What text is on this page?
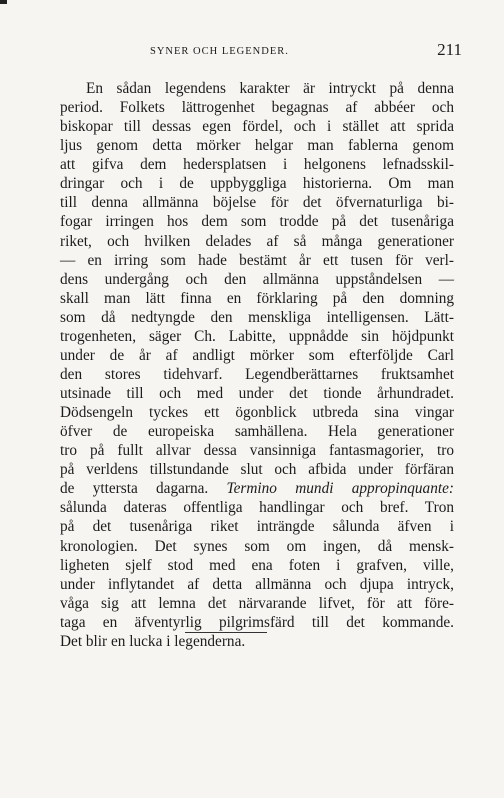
SYNER OCH LEGENDER.	211

En sådan legendens karakter är intryckt på denna
period. Folkets lättrogenhet begagnas af abbéer och
biskopar till dessas egen fördel, och i stället att sprida
ljus genom detta mörker helgar man fablerna genom
att gifva dem hedersplatsen i helgonens lefnadsskil-
dringar och i de uppbyggliga historierna. Om man
till denna allmänna böjelse för det öfvernaturliga bi-
fogar irringen hos dem som trodde på det tusenåriga
riket, och hvilken delades af så många generationer
— en irring som hade bestämt år ett tusen för verl-
dens undergång och den allmänna uppståndelsen —
skall man lätt finna en förklaring på den domning
som då nedtyngde den menskliga intelligensen. Lätt-
trogenheten, säger Ch. Labitte, uppnådde sin höjdpunkt
under de år af andligt mörker som efterföljde Carl
den stores tidehvarf. Legendberättarnes fruktsamhet
utsinade till och med under det tionde århundradet.
Dödsengeln tyckes ett ögonblick utbreda sina vingar
öfver de europeiska samhällena. Hela generationer
tro på fullt allvar dessa vansinniga fantasmagorier, tro
på verldens tillstundande slut och afbida under förfäran
de yttersta dagarna. Termino mundi appropinquante:
sålunda dateras offentliga handlingar och bref. Tron
på det tusenåriga riket inträngde sålunda äfven i
kronologien. Det synes som om ingen, då mensk-
ligheten sjelf stod med ena foten i grafven, ville,
under inflytandet af detta allmänna och djupa intryck,
våga sig att lemna det närvarande lifvet, för att före-
taga en äfventyrlig pilgrimsfärd till det kommande.
Det blir en lucka i legenderna.
